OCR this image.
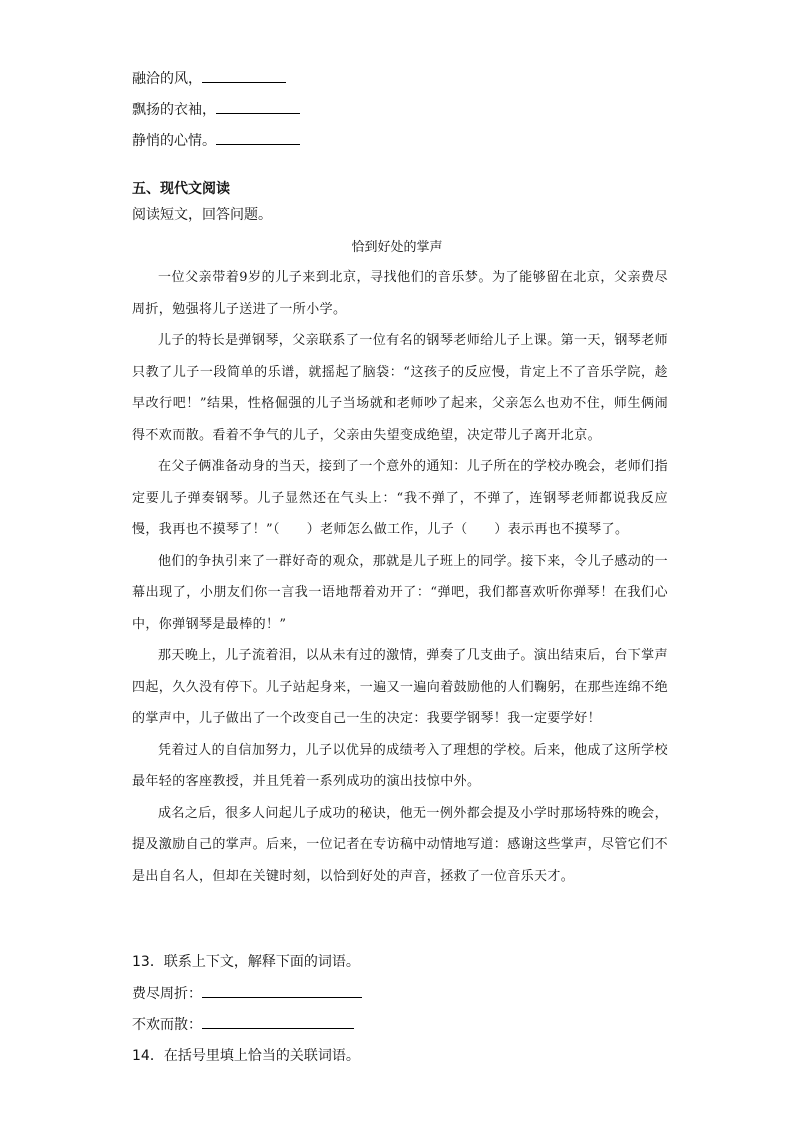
融洽的风，
飘扬的衣袖，
静悄的心情。
五、现代文阅读
阅读短文，回答问题。
恰到好处的掌声

一位父亲带着9岁的儿子来到北京，寻找他们的音乐梦。为了能够留在北京，父亲费尽周折，勉强将儿子送进了一所小学。

儿子的特长是弹钢琴，父亲联系了一位有名的钢琴老师给儿子上课。第一天，钢琴老师只教了儿子一段简单的乐谱，就摇起了脑袋：“这孩子的反应慢，肯定上不了音乐学院，趁早改行吧！”结果，性格倔强的儿子当场就和老师吵了起来，父亲怎么也劝不住，师生俩闹得不欢而散。看着不争气的儿子，父亲由失望变成绝望，决定带儿子离开北京。

在父子俩准备动身的当天，接到了一个意外的通知：儿子所在的学校办晚会，老师们指定要儿子弹奏钢琴。儿子显然还在气头上：“我不弹了，不弹了，连钢琴老师都说我反应慢，我再也不摸琴了！”（　　）老师怎么做工作，儿子（　　）表示再也不摸琴了。

他们的争执引来了一群好奇的观众，那就是儿子班上的同学。接下来，令儿子感动的一幕出现了，小朋友们你一言我一语地帮着劝开了：“弹吧，我们都喜欢听你弹琴！在我们心中，你弹钢琴是最棒的！”

那天晚上，儿子流着泪，以从未有过的激情，弹奏了几支曲子。演出结束后，台下掌声四起，久久没有停下。儿子站起身来，一遍又一遍向着鼓励他的人们鞠躬，在那些连绵不绝的掌声中，儿子做出了一个改变自己一生的决定：我要学钢琴！我一定要学好！

凭着过人的自信加努力，儿子以优异的成绩考入了理想的学校。后来，他成了这所学校最年轻的客座教授，并且凭着一系列成功的演出技惊中外。

成名之后，很多人问起儿子成功的秘诀，他无一例外都会提及小学时那场特殊的晚会，提及激励自己的掌声。后来，一位记者在专访稿中动情地写道：感谢这些掌声，尽管它们不是出自名人，但却在关键时刻，以恰到好处的声音，拯救了一位音乐天才。

13．联系上下文，解释下面的词语。
费尽周折：
不欢而散：
14．在括号里填上恰当的关联词语。
